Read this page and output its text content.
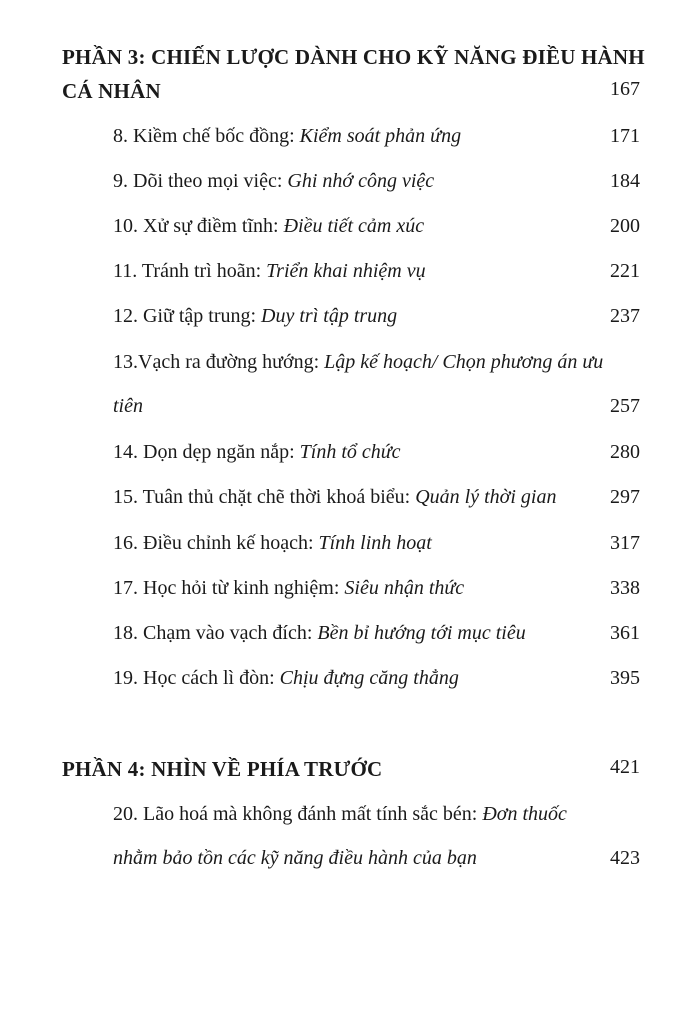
PHẦN 3: CHIẾN LƯỢC DÀNH CHO KỸ NĂNG ĐIỀU HÀNH
CÁ NHÂN	167
8. Kiềm chế bốc đồng: Kiểm soát phản ứng	171
9. Dõi theo mọi việc: Ghi nhớ công việc	184
10. Xử sự điềm tĩnh: Điều tiết cảm xúc	200
11. Tránh trì hoãn: Triển khai nhiệm vụ	221
12. Giữ tập trung: Duy trì tập trung	237
13.Vạch ra đường hướng: Lập kế hoạch/ Chọn phương án ưu
tiên	257
14. Dọn dẹp ngăn nắp: Tính tổ chức	280
15. Tuân thủ chặt chẽ thời khoá biểu: Quản lý thời gian	297
16. Điều chỉnh kế hoạch: Tính linh hoạt	317
17. Học hỏi từ kinh nghiệm: Siêu nhận thức	338
18. Chạm vào vạch đích: Bền bỉ hướng tới mục tiêu	361
19. Học cách lì đòn: Chịu đựng căng thẳng	395
PHẦN 4: NHÌN VỀ PHÍA TRƯỚC	421
20. Lão hoá mà không đánh mất tính sắc bén: Đơn thuốc
nhằm bảo tồn các kỹ năng điều hành của bạn	423
